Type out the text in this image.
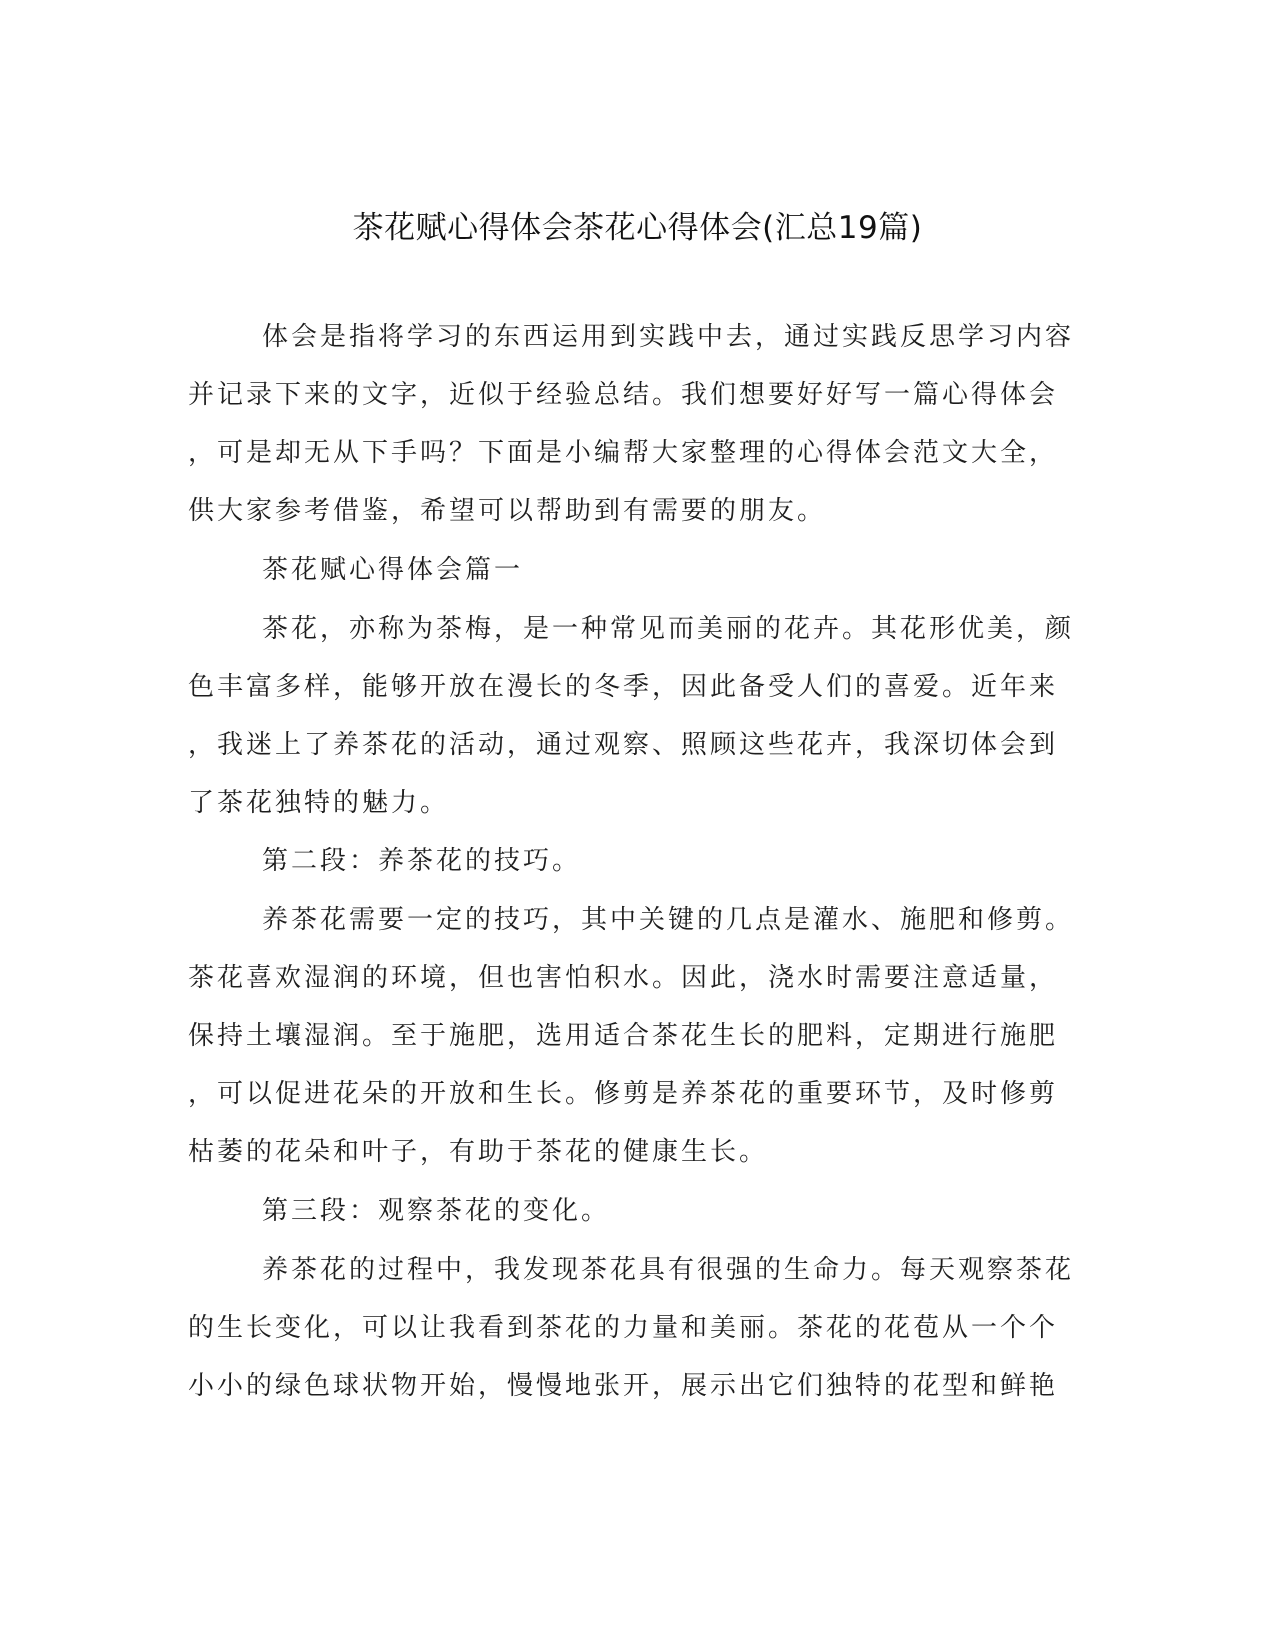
茶花赋心得体会茶花心得体会(汇总19篇)
体会是指将学习的东西运用到实践中去，通过实践反思学习内容
并记录下来的文字，近似于经验总结。我们想要好好写一篇心得体会
，可是却无从下手吗？下面是小编帮大家整理的心得体会范文大全，
供大家参考借鉴，希望可以帮助到有需要的朋友。
茶花赋心得体会篇一
茶花，亦称为茶梅，是一种常见而美丽的花卉。其花形优美，颜
色丰富多样，能够开放在漫长的冬季，因此备受人们的喜爱。近年来
，我迷上了养茶花的活动，通过观察、照顾这些花卉，我深切体会到
了茶花独特的魅力。
第二段：养茶花的技巧。
养茶花需要一定的技巧，其中关键的几点是灌水、施肥和修剪。
茶花喜欢湿润的环境，但也害怕积水。因此，浇水时需要注意适量，
保持土壤湿润。至于施肥，选用适合茶花生长的肥料，定期进行施肥
，可以促进花朵的开放和生长。修剪是养茶花的重要环节，及时修剪
枯萎的花朵和叶子，有助于茶花的健康生长。
第三段：观察茶花的变化。
养茶花的过程中，我发现茶花具有很强的生命力。每天观察茶花
的生长变化，可以让我看到茶花的力量和美丽。茶花的花苞从一个个
小小的绿色球状物开始，慢慢地张开，展示出它们独特的花型和鲜艳
